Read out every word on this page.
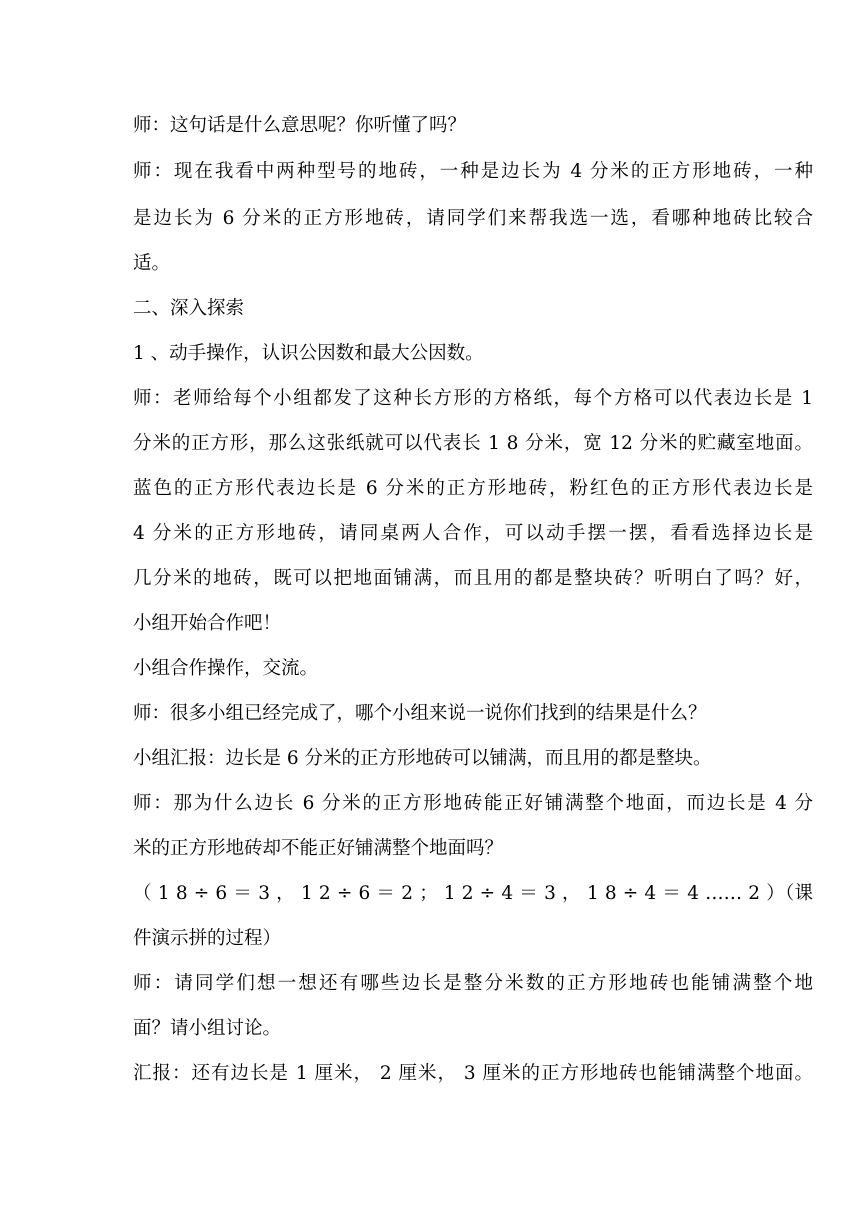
师：这句话是什么意思呢？你听懂了吗？

师：现在我看中两种型号的地砖，一种是边长为 4 分米的正方形地砖，一种

是边长为 6 分米的正方形地砖，请同学们来帮我选一选，看哪种地砖比较合

适。

二、深入探索

1 、动手操作，认识公因数和最大公因数。

师：老师给每个小组都发了这种长方形的方格纸，每个方格可以代表边长是 1

分米的正方形，那么这张纸就可以代表长 1 8 分米，宽 12 分米的贮藏室地面。

蓝色的正方形代表边长是 6 分米的正方形地砖，粉红色的正方形代表边长是

4 分米的正方形地砖，请同桌两人合作，可以动手摆一摆，看看选择边长是

几分米的地砖，既可以把地面铺满，而且用的都是整块砖？听明白了吗？好，

小组开始合作吧！

小组合作操作，交流。

师：很多小组已经完成了，哪个小组来说一说你们找到的结果是什么？

小组汇报：边长是 6 分米的正方形地砖可以铺满，而且用的都是整块。

师：那为什么边长 6 分米的正方形地砖能正好铺满整个地面，而边长是 4 分

米的正方形地砖却不能正好铺满整个地面吗？

（ 1 8 ÷ 6 ＝ 3 ， 1 2 ÷ 6 ＝ 2 ； 1 2 ÷ 4 ＝ 3 ， 1 8 ÷ 4 ＝ 4 …… 2 ）（课

件演示拼的过程）

师：请同学们想一想还有哪些边长是整分米数的正方形地砖也能铺满整个地

面？请小组讨论。

汇报：还有边长是 1 厘米， 2 厘米， 3 厘米的正方形地砖也能铺满整个地面。
